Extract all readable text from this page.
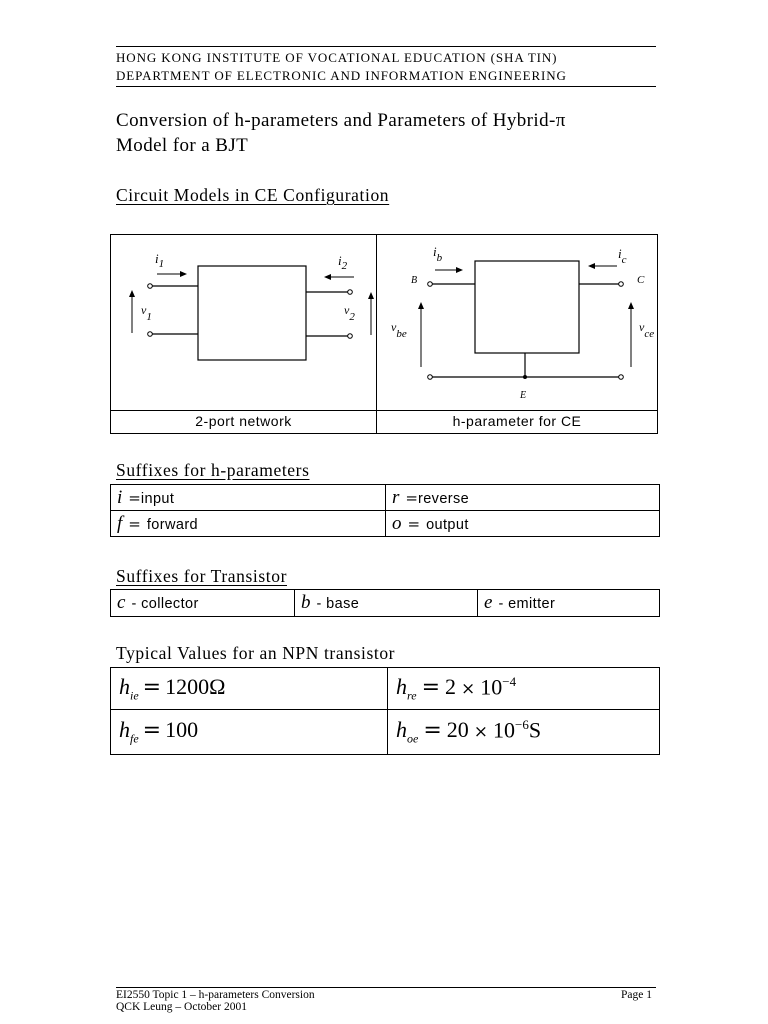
HONG KONG INSTITUTE OF VOCATIONAL EDUCATION (SHA TIN)
DEPARTMENT OF ELECTRONIC AND INFORMATION ENGINEERING
Conversion of h-parameters and Parameters of Hybrid-π
Model for a BJT
Circuit Models in CE Configuration
2-port network	h-parameter for CE
$i_1$	$i_2$
v1	v2
$i_b$	$i_c$
B	C
E
vbe	vce
Suffixes for h-parameters
i = input	r = reverse

f = forward	o = output
Suffixes for Transistor
c - collector	b - base	e - emitter
Typical Values for an NPN transistor
$h_{ie} = 1200\Omega$	$h_{re} = 2 \times 10^{-4}$

$h_{fe} = 100$	$h_{oe} = 20 \times 10^{-6}S$
EI2550 Topic 1 – h-parameters Conversion
QCK Leung – October 2001
Page 1
